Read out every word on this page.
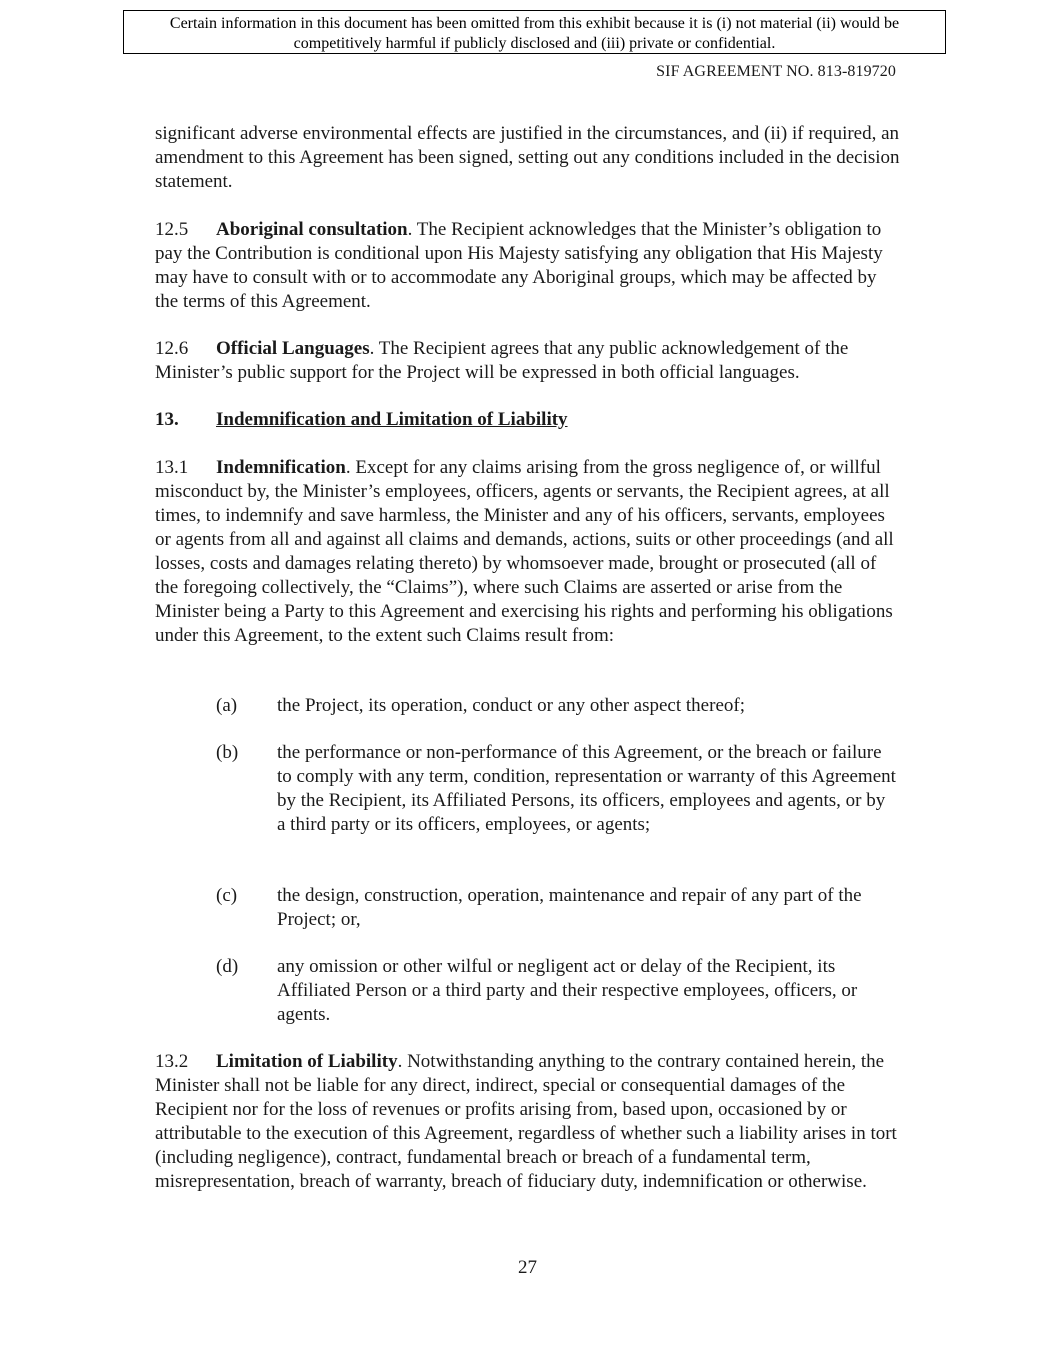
Certain information in this document has been omitted from this exhibit because it is (i) not material (ii) would be competitively harmful if publicly disclosed and (iii) private or confidential.
SIF AGREEMENT NO. 813-819720
significant adverse environmental effects are justified in the circumstances, and (ii) if required, an amendment to this Agreement has been signed, setting out any conditions included in the decision statement.
12.5 Aboriginal consultation. The Recipient acknowledges that the Minister’s obligation to pay the Contribution is conditional upon His Majesty satisfying any obligation that His Majesty may have to consult with or to accommodate any Aboriginal groups, which may be affected by the terms of this Agreement.
12.6 Official Languages. The Recipient agrees that any public acknowledgement of the Minister’s public support for the Project will be expressed in both official languages.
13. Indemnification and Limitation of Liability
13.1 Indemnification. Except for any claims arising from the gross negligence of, or willful misconduct by, the Minister’s employees, officers, agents or servants, the Recipient agrees, at all times, to indemnify and save harmless, the Minister and any of his officers, servants, employees or agents from all and against all claims and demands, actions, suits or other proceedings (and all losses, costs and damages relating thereto) by whomsoever made, brought or prosecuted (all of the foregoing collectively, the “Claims”), where such Claims are asserted or arise from the Minister being a Party to this Agreement and exercising his rights and performing his obligations under this Agreement, to the extent such Claims result from:
(a) the Project, its operation, conduct or any other aspect thereof;
(b) the performance or non-performance of this Agreement, or the breach or failure to comply with any term, condition, representation or warranty of this Agreement by the Recipient, its Affiliated Persons, its officers, employees and agents, or by a third party or its officers, employees, or agents;
(c) the design, construction, operation, maintenance and repair of any part of the Project; or,
(d) any omission or other wilful or negligent act or delay of the Recipient, its Affiliated Person or a third party and their respective employees, officers, or agents.
13.2 Limitation of Liability. Notwithstanding anything to the contrary contained herein, the Minister shall not be liable for any direct, indirect, special or consequential damages of the Recipient nor for the loss of revenues or profits arising from, based upon, occasioned by or attributable to the execution of this Agreement, regardless of whether such a liability arises in tort (including negligence), contract, fundamental breach or breach of a fundamental term, misrepresentation, breach of warranty, breach of fiduciary duty, indemnification or otherwise.
27
